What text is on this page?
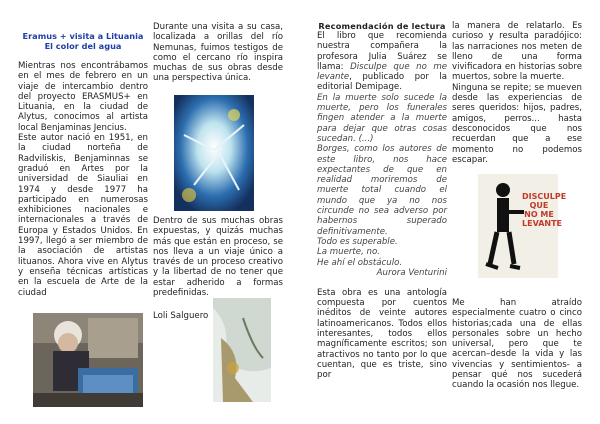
Eramus + visita a Lituania

El color del agua

Mientras nos encontrábamos en el mes de febrero en un viaje de intercambio dentro del proyecto ERASMUS+ en Lituania, en la ciudad de Alytus, conocimos al artista local Benjaminas Jencius.

Este autor nació en 1951, en la ciudad norteña de Radviliskis, Benjaminnas se graduó en Artes por la universidad de Siauliai en 1974 y desde 1977 ha participado en numerosas exhibiciones nacionales e internacionales a través de Europa y Estados Unidos. En 1997, llegó a ser miembro de la asociación de artistas lituanos. Ahora vive en Alytus y enseña técnicas artísticas en la escuela de Arte de la ciudad

Durante una visita a su casa, localizada a orillas del río Nemunas, fuimos testigos de como el cercano río inspira muchas de sus obras desde una perspectiva única.

Dentro de sus muchas obras expuestas, y quizás muchas más que están en proceso, se nos lleva a un viaje único a través de un proceso creativo y la libertad de no tener que estar adherido a formas predefinidas.

Loli Salguero

Recomendación de lectura

El libro que recomienda nuestra compañera la profesora Julia Suárez se llama: Disculpe que no me levante, publicado por la editorial Demipage.

En la muerte solo sucede la muerte, pero los funerales fingen atender a la muerte para dejar que otras cosas sucedan. (...)

Borges, como los autores de este libro, nos hace expectantes de que en realidad moriremos de muerte total cuando el mundo que ya no nos circunde no sea adverso por habernos superado definitivamente.

Todo es superable.

La muerte, no.

He ahí el obstáculo.

Aurora Venturini

Esta obra es una antología compuesta por cuentos inéditos de veinte autores latinoamericanos. Todos ellos interesantes, todos ellos magníficamente escritos; son atractivos no tanto por lo que cuentan, que es triste, sino por

la manera de relatarlo. Es curioso y resulta paradójico: las narraciones nos meten de lleno de una forma vivificadora en historias sobre muertos, sobre la muerte.

Ninguna se repite; se mueven desde las experiencias de seres queridos: hijos, padres, amigos, perros... hasta desconocidos que nos recuerdan que a ese momento no podemos escapar.

DISCULPE QUE NO ME LEVANTE

Me han atraído especialmente cuatro o cinco historias;cada una de ellas personales sobre un hecho universal, pero que te acercan–desde la vida y las vivencias y sentimientos- a pensar qué nos sucederá cuando la ocasión nos llegue.
